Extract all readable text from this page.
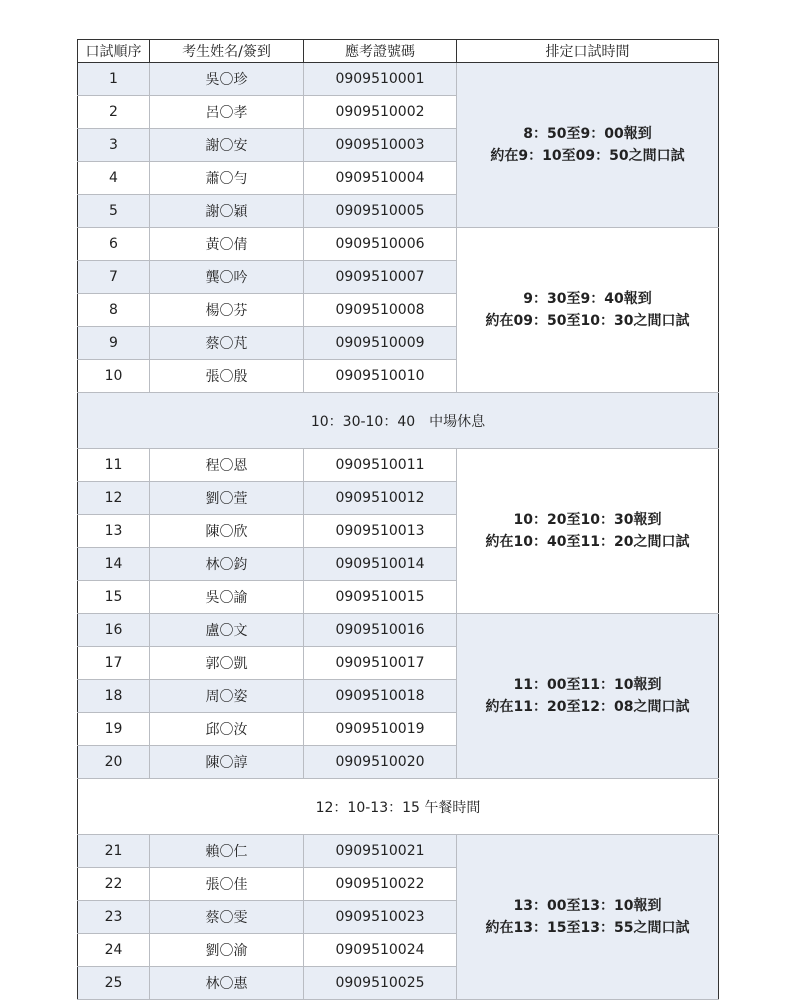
口試順序	考生姓名/簽到	應考證號碼	排定口試時間
1	吳〇珍	0909510001	8：50至9：00報到
約在9：10至09：50之間口試

2	呂〇孝	0909510002	
3	謝〇安	0909510003	
4	蕭〇勻	0909510004	
5	謝〇穎	0909510005	
6	黃〇倩	0909510006	9：30至9：40報到
約在09：50至10：30之間口試

7	龔〇吟	0909510007	
8	楊〇芬	0909510008	
9	蔡〇芃	0909510009	
10	張〇殷	0909510010	
10：30-10：40　中場休息			
11	程〇恩	0909510011	10：20至10：30報到
約在10：40至11：20之間口試

12	劉〇萱	0909510012	
13	陳〇欣	0909510013	
14	林〇鈞	0909510014	
15	吳〇諭	0909510015	
16	盧〇文	0909510016	11：00至11：10報到
約在11：20至12：08之間口試

17	郭〇凱	0909510017	
18	周〇姿	0909510018	
19	邱〇汝	0909510019	
20	陳〇諄	0909510020	
12：10-13：15 午餐時間			
21	賴〇仁	0909510021	13：00至13：10報到
約在13：15至13：55之間口試

22	張〇佳	0909510022	
23	蔡〇雯	0909510023	
24	劉〇渝	0909510024	
25	林〇惠	0909510025	
